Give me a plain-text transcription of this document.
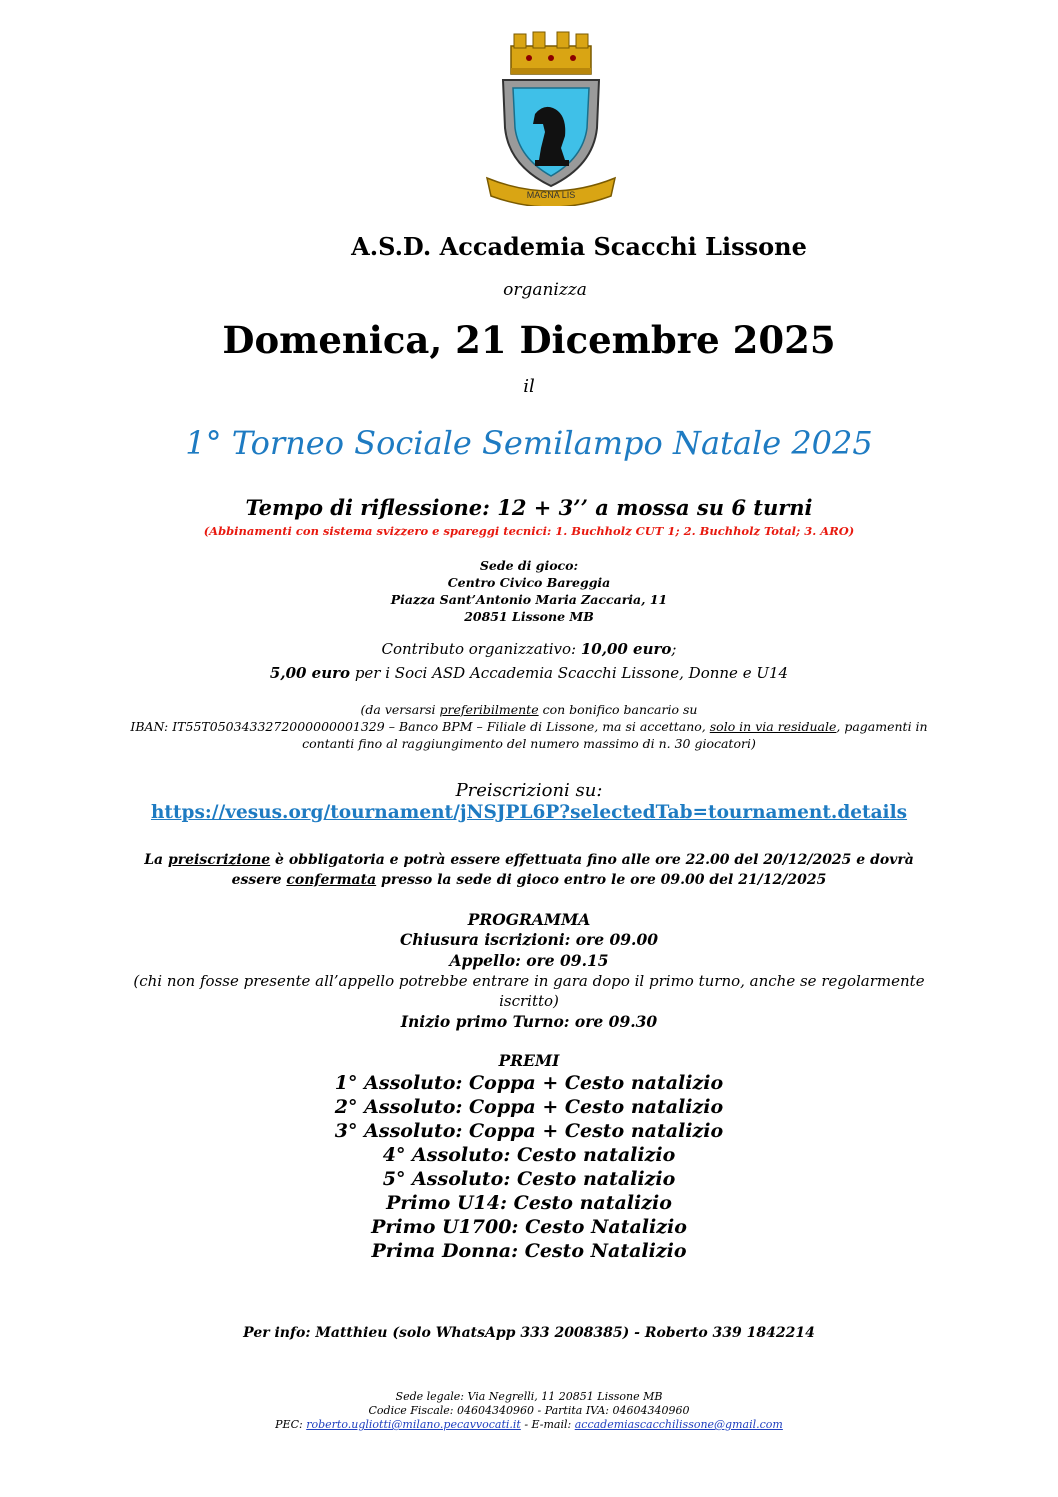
MAGNA LIS
A.S.D. Accademia Scacchi Lissone
organizza
Domenica, 21 Dicembre 2025
il
1° Torneo Sociale Semilampo Natale 2025
Tempo di riflessione: 12 + 3’’ a mossa su 6 turni
(Abbinamenti con sistema svizzero e spareggi tecnici: 1. Buchholz CUT 1; 2. Buchholz Total; 3. ARO)
Sede di gioco:
Centro Civico Bareggia
Piazza Sant’Antonio Maria Zaccaria, 11
20851 Lissone MB
Contributo organizzativo: 10,00 euro;
5,00 euro per i Soci ASD Accademia Scacchi Lissone, Donne e U14
(da versarsi preferibilmente con bonifico bancario su
IBAN: IT55T0503433272000000001329 – Banco BPM – Filiale di Lissone, ma si accettano, solo in via residuale, pagamenti in
contanti fino al raggiungimento del numero massimo di n. 30 giocatori)
Preiscrizioni su:
https://vesus.org/tournament/jNSJPL6P?selectedTab=tournament.details
La preiscrizione è obbligatoria e potrà essere effettuata fino alle ore 22.00 del 20/12/2025 e dovrà
essere confermata presso la sede di gioco entro le ore 09.00 del 21/12/2025
PROGRAMMA
Chiusura iscrizioni: ore 09.00
Appello: ore 09.15
(chi non fosse presente all’appello potrebbe entrare in gara dopo il primo turno, anche se regolarmente
iscritto)
Inizio primo Turno: ore 09.30
PREMI
1° Assoluto: Coppa + Cesto natalizio
2° Assoluto: Coppa + Cesto natalizio
3° Assoluto: Coppa + Cesto natalizio
4° Assoluto: Cesto natalizio
5° Assoluto: Cesto natalizio
Primo U14: Cesto natalizio
Primo U1700: Cesto Natalizio
Prima Donna: Cesto Natalizio
Per info: Matthieu (solo WhatsApp 333 2008385) - Roberto 339 1842214
Sede legale: Via Negrelli, 11 20851 Lissone MB
Codice Fiscale: 04604340960 - Partita IVA: 04604340960
PEC: roberto.ugliotti@milano.pecavvocati.it - E-mail: accademiascacchilissone@gmail.com
